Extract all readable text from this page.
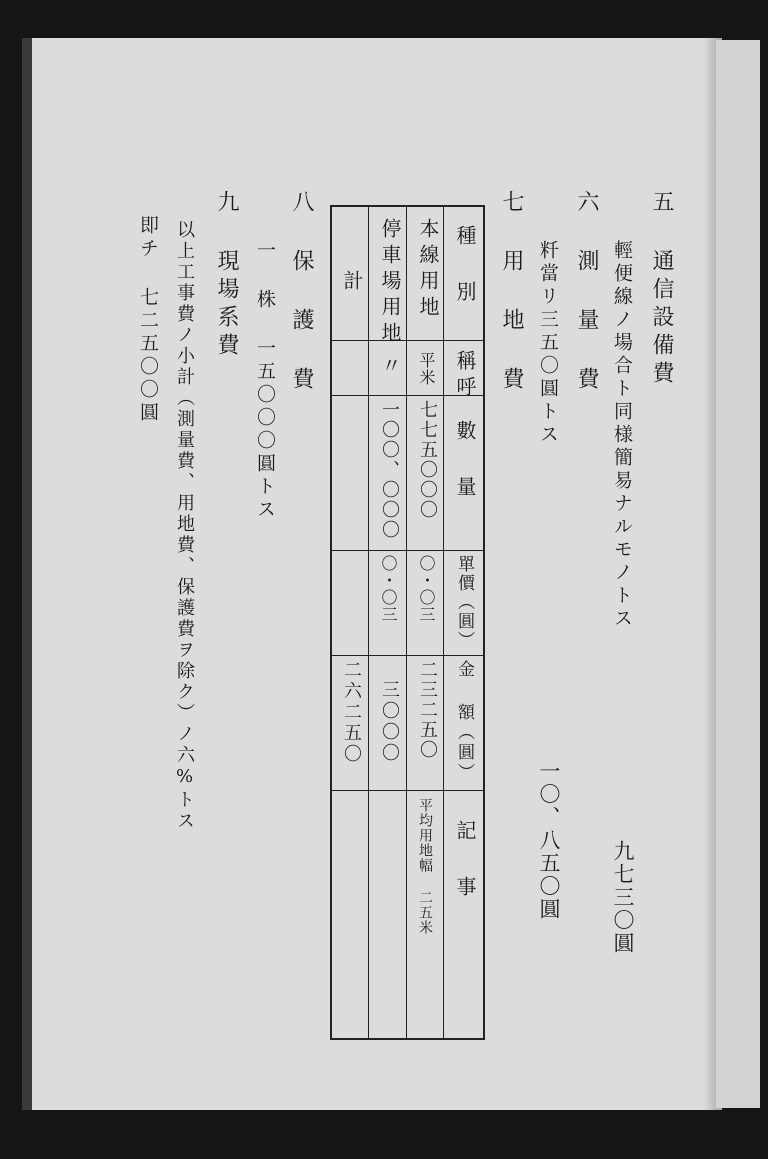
五 通信設備費
輕便線ノ場合ト同様簡易ナルモノトス
九七三〇圓
六 測 量 費
粁當リ三五〇圓トス
七 用 地 費
一〇、八五〇圓
種 別
稱呼
數 量
單價（圓）
金 額（圓）
記 事
本線用地
平米
七七五〇〇〇
〇・〇三
二三二五〇
平均用地幅 二五米
停車場用地
〃
一〇〇、〇〇〇
〇・〇三
三〇〇〇
計
二六二五〇
八 保 護 費
一 株 一五〇〇〇圓トス
九 現場系費
以上工事費ノ小計（測量費、用地費、保護費ヲ除ク）ノ六%トス
即チ 七二五〇〇圓
